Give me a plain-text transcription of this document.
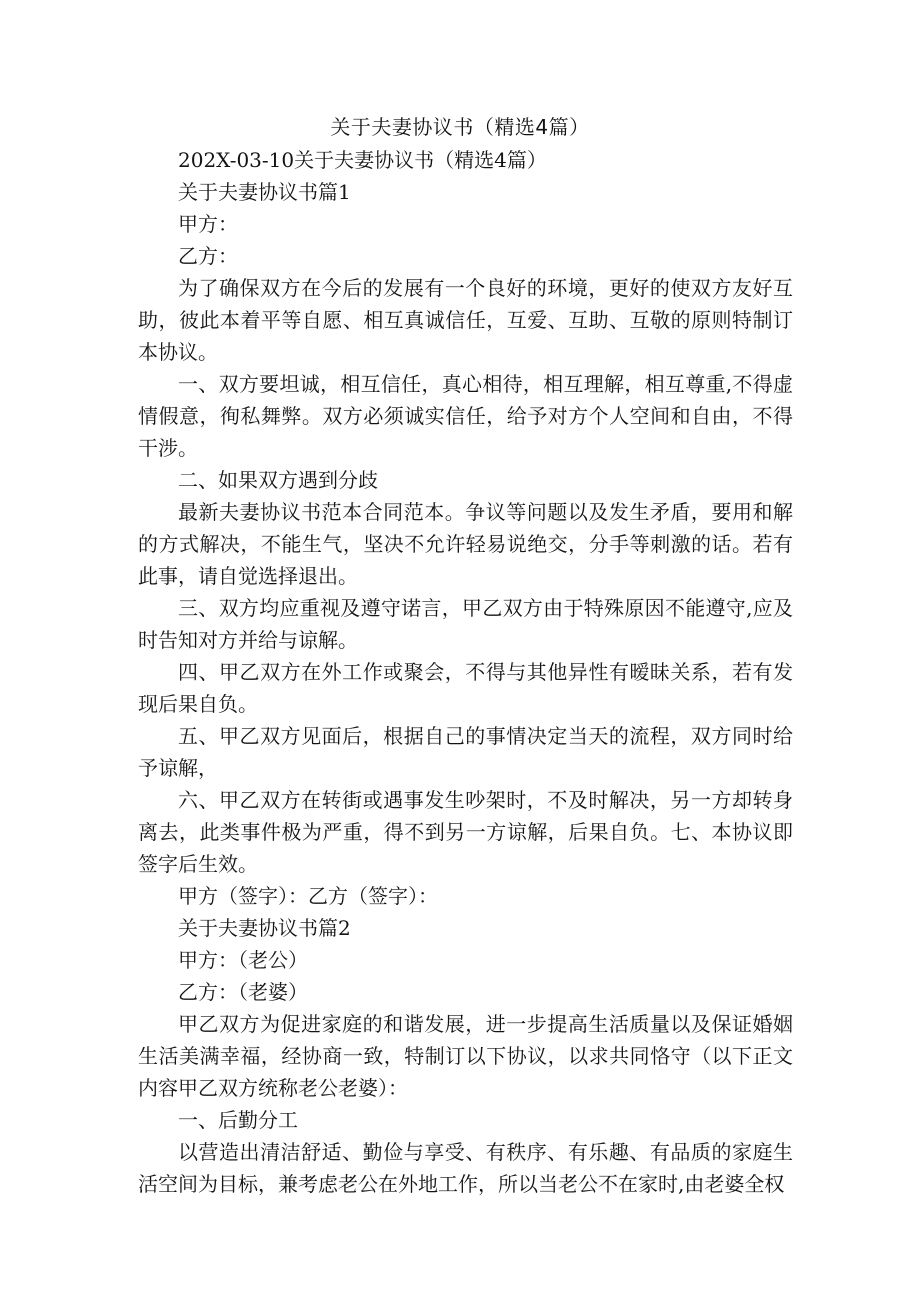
关于夫妻协议书（精选4篇）

202X-03-10关于夫妻协议书（精选4篇）

关于夫妻协议书篇1

甲方：

乙方：

为了确保双方在今后的发展有一个良好的环境，更好的使双方友好互助，彼此本着平等自愿、相互真诚信任，互爱、互助、互敬的原则特制订本协议。

一、双方要坦诚，相互信任，真心相待，相互理解，相互尊重,不得虚情假意，徇私舞弊。双方必须诚实信任，给予对方个人空间和自由，不得干涉。

二、如果双方遇到分歧

最新夫妻协议书范本合同范本。争议等问题以及发生矛盾，要用和解的方式解决，不能生气，坚决不允许轻易说绝交，分手等刺激的话。若有此事，请自觉选择退出。

三、双方均应重视及遵守诺言，甲乙双方由于特殊原因不能遵守,应及时告知对方并给与谅解。

四、甲乙双方在外工作或聚会，不得与其他异性有暧昧关系，若有发现后果自负。

五、甲乙双方见面后，根据自己的事情决定当天的流程，双方同时给予谅解，

六、甲乙双方在转街或遇事发生吵架时，不及时解决，另一方却转身离去，此类事件极为严重，得不到另一方谅解，后果自负。七、本协议即签字后生效。

甲方（签字）：乙方（签字）：

关于夫妻协议书篇2

甲方：（老公）

乙方：（老婆）

甲乙双方为促进家庭的和谐发展，进一步提高生活质量以及保证婚姻生活美满幸福，经协商一致，特制订以下协议，以求共同恪守（以下正文内容甲乙双方统称老公老婆）：

一、后勤分工

以营造出清洁舒适、勤俭与享受、有秩序、有乐趣、有品质的家庭生活空间为目标，兼考虑老公在外地工作，所以当老公不在家时,由老婆全权
